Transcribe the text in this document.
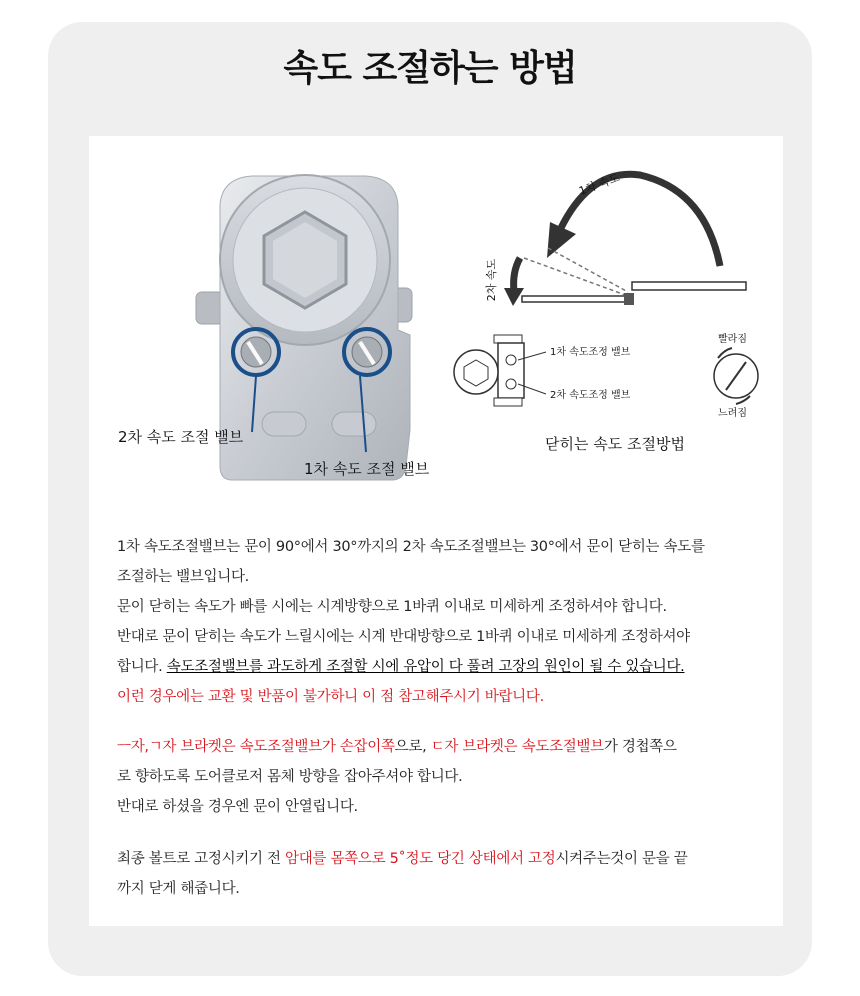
속도 조절하는 방법
1차 속도
2차 속도
1차 속도조정 밸브
2차 속도조정 밸브
빨라짐
느려짐
2차 속도 조절 밸브
1차 속도 조절 밸브
닫히는 속도 조절방법

1차 속도조절밸브는 문이 90°에서 30°까지의 2차 속도조절밸브는 30°에서 문이 닫히는 속도를

조절하는 밸브입니다.

문이 닫히는 속도가 빠를 시에는 시계방향으로 1바퀴 이내로 미세하게 조정하셔야 합니다.

반대로 문이 닫히는 속도가 느릴시에는 시계 반대방향으로 1바퀴 이내로 미세하게 조정하셔야

합니다. 속도조절밸브를 과도하게 조절할 시에 유압이 다 풀려 고장의 원인이 될 수 있습니다.

이런 경우에는 교환 및 반품이 불가하니 이 점 참고해주시기 바랍니다.

ㅡ자,ㄱ자 브라켓은 속도조절밸브가 손잡이쪽으로, ㄷ자 브라켓은 속도조절밸브가 경첩쪽으

로 향하도록 도어클로저 몸체 방향을 잡아주셔야 합니다.

반대로 하셨을 경우엔 문이 안열립니다.

최종 볼트로 고정시키기 전 암대를 몸쪽으로 5˚정도 당긴 상태에서 고정시켜주는것이 문을 끝

까지 닫게 해줍니다.
